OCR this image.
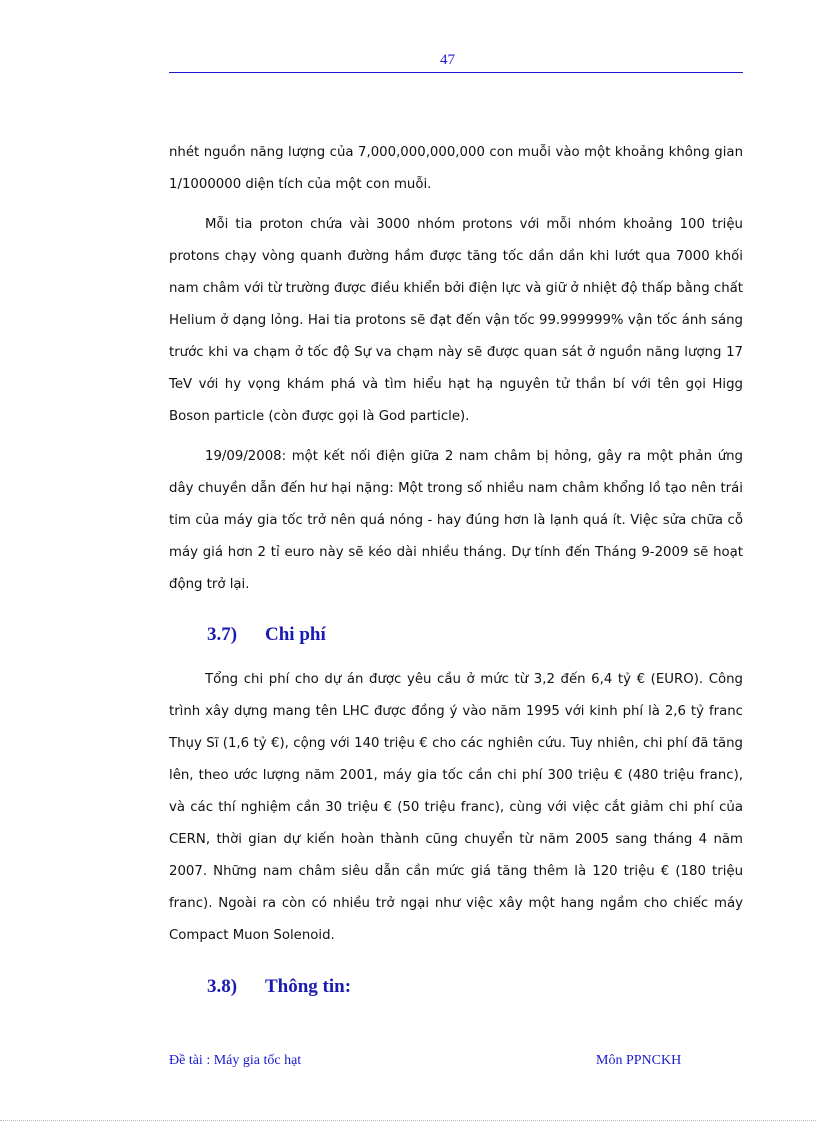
47

nhét nguồn năng lượng của 7,000,000,000,000 con muỗi vào một khoảng không gian 1/1000000 diện tích của một con muỗi.

Mỗi tia proton chứa vài 3000 nhóm protons với mỗi nhóm khoảng 100 triệu protons chạy vòng quanh đường hầm được tăng tốc dần dần khi lướt qua 7000 khối nam châm với từ trường được điều khiển bởi điện lực và giữ ở nhiệt độ thấp bằng chất Helium ở dạng lỏng. Hai tia protons sẽ đạt đến vận tốc 99.999999% vận tốc ánh sáng trước khi va chạm ở tốc độ Sự va chạm này sẽ được quan sát ở nguồn năng lượng 17 TeV với hy vọng khám phá và tìm hiểu hạt hạ nguyên tử thần bí với tên gọi Higg Boson particle (còn được gọi là God particle).

19/09/2008: một kết nối điện giữa 2 nam châm bị hỏng, gây ra một phản ứng dây chuyền dẫn đến hư hại nặng: Một trong số nhiều nam châm khổng lồ tạo nên trái tim của máy gia tốc trở nên quá nóng - hay đúng hơn là lạnh quá ít. Việc sửa chữa cỗ máy giá hơn 2 tỉ euro này sẽ kéo dài nhiều tháng. Dự tính đến Tháng 9-2009 sẽ hoạt động trở lại.

3.7) Chi phí

Tổng chi phí cho dự án được yêu cầu ở mức từ 3,2 đến 6,4 tỷ € (EURO). Công trình xây dựng mang tên LHC được đồng ý vào năm 1995 với kinh phí là 2,6 tỷ franc Thụy Sĩ (1,6 tỷ €), cộng với 140 triệu € cho các nghiên cứu. Tuy nhiên, chi phí đã tăng lên, theo ước lượng năm 2001, máy gia tốc cần chi phí 300 triệu € (480 triệu franc), và các thí nghiệm cần 30 triệu € (50 triệu franc), cùng với việc cắt giảm chi phí của CERN, thời gian dự kiến hoàn thành cũng chuyển từ năm 2005 sang tháng 4 năm 2007. Những nam châm siêu dẫn cần mức giá tăng thêm là 120 triệu € (180 triệu franc). Ngoài ra còn có nhiều trở ngại như việc xây một hang ngầm cho chiếc máy Compact Muon Solenoid.

3.8) Thông tin:
Đề tài : Máy gia tốc hạt	Môn PPNCKH
